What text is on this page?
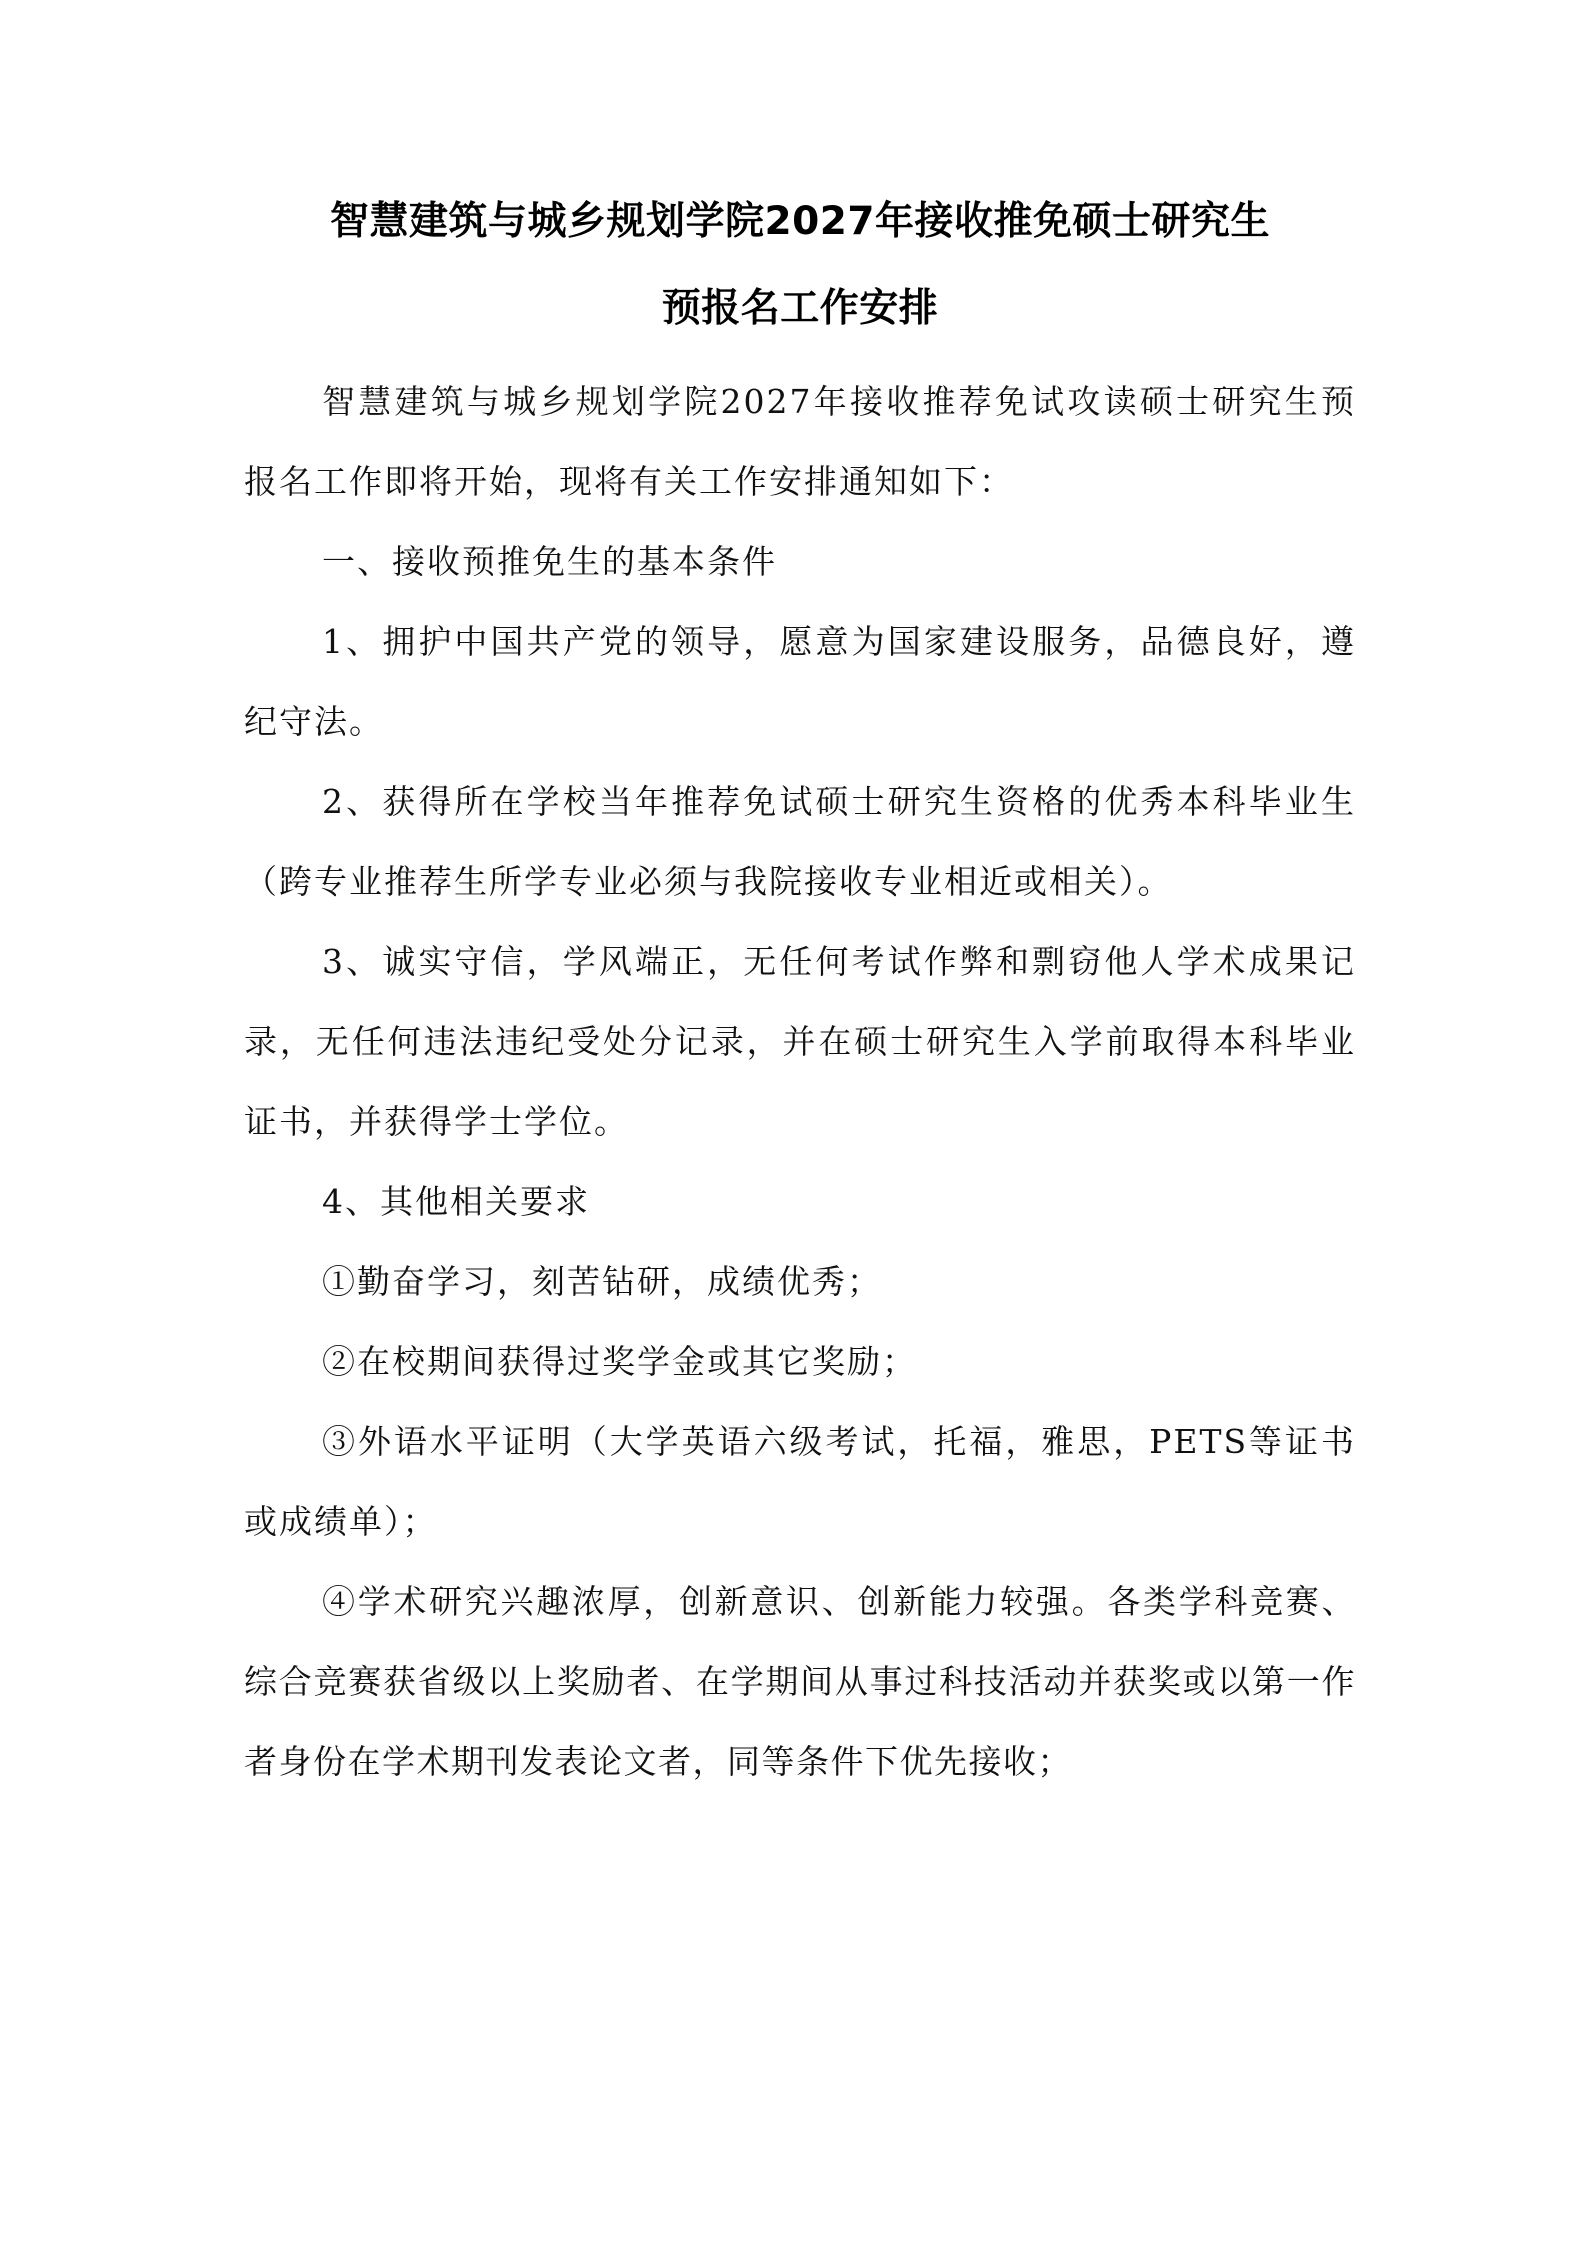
智慧建筑与城乡规划学院2027年接收推免硕士研究生
预报名工作安排

智慧建筑与城乡规划学院2027年接收推荐免试攻读硕士研究生预报名工作即将开始，现将有关工作安排通知如下：

一、接收预推免生的基本条件

1、拥护中国共产党的领导，愿意为国家建设服务，品德良好，遵纪守法。

2、获得所在学校当年推荐免试硕士研究生资格的优秀本科毕业生（跨专业推荐生所学专业必须与我院接收专业相近或相关）。

3、诚实守信，学风端正，无任何考试作弊和剽窃他人学术成果记录，无任何违法违纪受处分记录，并在硕士研究生入学前取得本科毕业证书，并获得学士学位。

4、其他相关要求

①勤奋学习，刻苦钻研，成绩优秀；

②在校期间获得过奖学金或其它奖励；

③外语水平证明（大学英语六级考试，托福，雅思，PETS等证书或成绩单）；

④学术研究兴趣浓厚，创新意识、创新能力较强。各类学科竞赛、综合竞赛获省级以上奖励者、在学期间从事过科技活动并获奖或以第一作者身份在学术期刊发表论文者，同等条件下优先接收；
